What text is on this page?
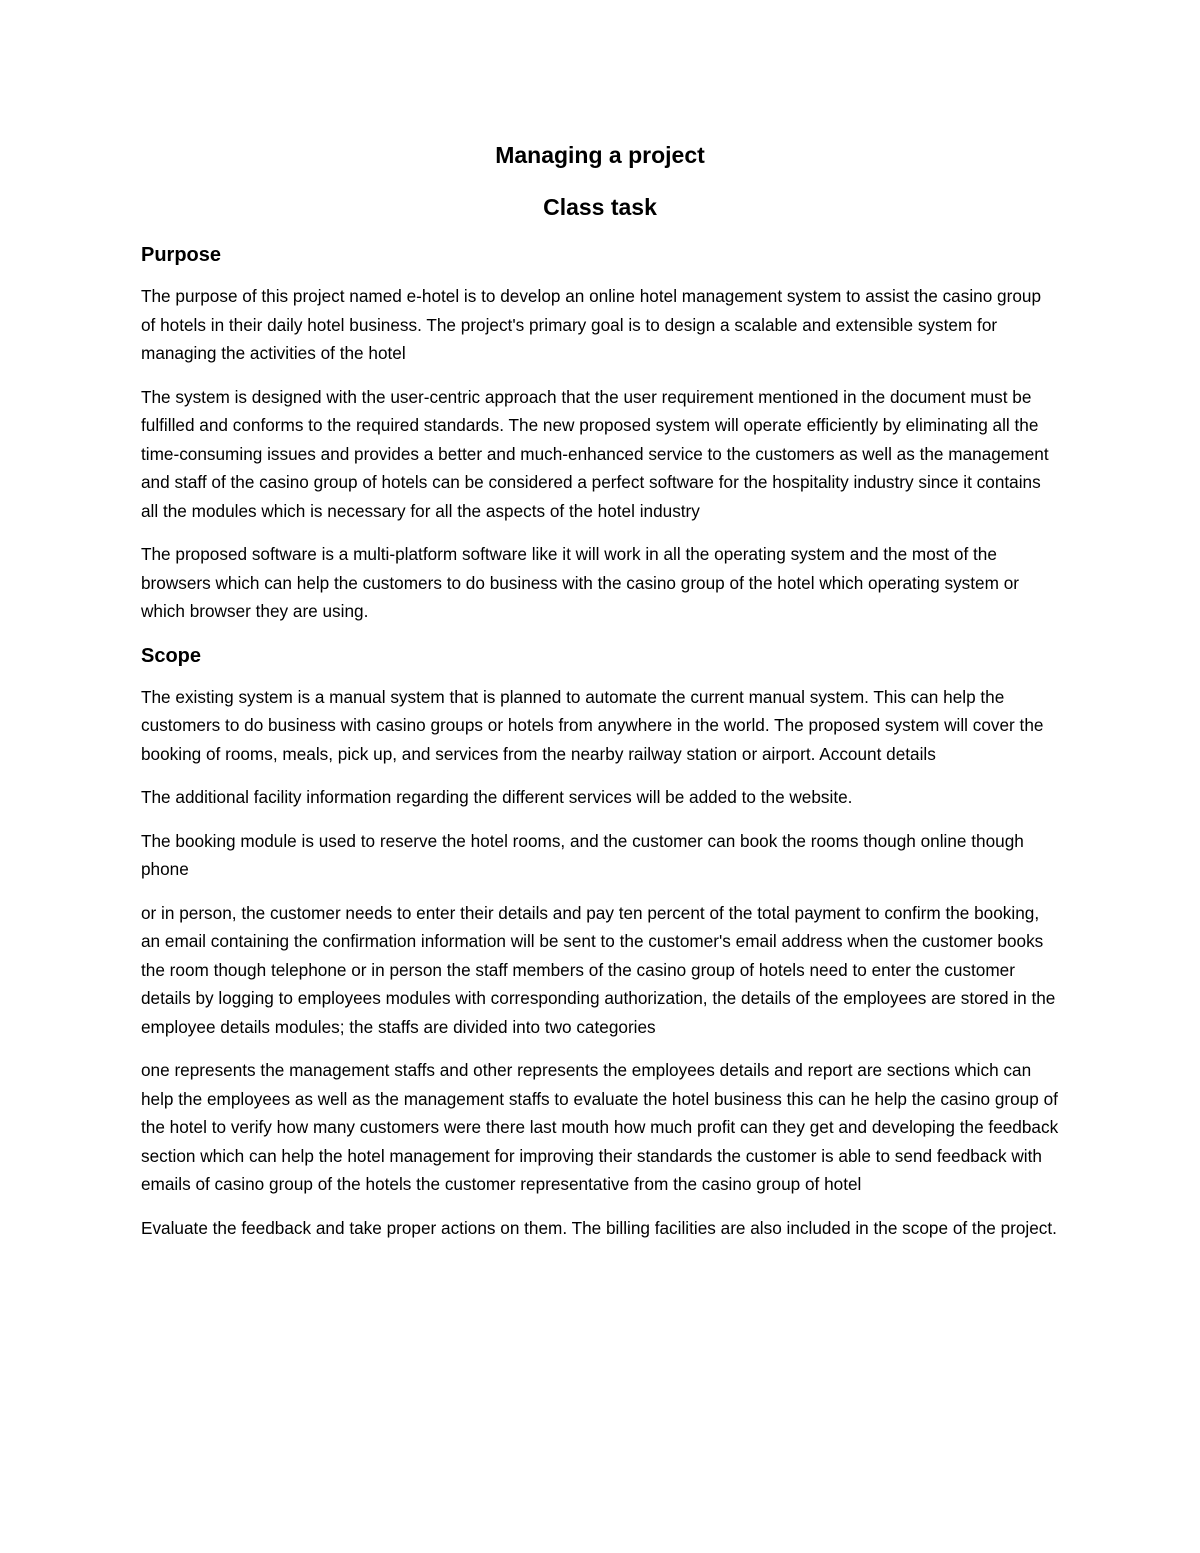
Managing a project
Class task
Purpose

The purpose of this project named e-hotel is to develop an online hotel management system to assist the casino group of hotels in their daily hotel business. The project's primary goal is to design a scalable and extensible system for managing the activities of the hotel

The system is designed with the user-centric approach that the user requirement mentioned in the document must be fulfilled and conforms to the required standards. The new proposed system will operate efficiently by eliminating all the time-consuming issues and provides a better and much-enhanced service to the customers as well as the management and staff of the casino group of hotels can be considered a perfect software for the hospitality industry since it contains all the modules which is necessary for all the aspects of the hotel industry

The proposed software is a multi-platform software like it will work in all the operating system and the most of the browsers which can help the customers to do business with the casino group of the hotel which operating system or which browser they are using.

Scope

The existing system is a manual system that is planned to automate the current manual system. This can help the customers to do business with casino groups or hotels from anywhere in the world. The proposed system will cover the booking of rooms, meals, pick up, and services from the nearby railway station or airport. Account details

The additional facility information regarding the different services will be added to the website.

The booking module is used to reserve the hotel rooms, and the customer can book the rooms though online though phone

or in person, the customer needs to enter their details and pay ten percent of the total payment to confirm the booking, an email containing the confirmation information will be sent to the customer's email address when the customer books the room though telephone or in person the staff members of the casino group of hotels need to enter the customer details by logging to employees modules with corresponding authorization, the details of the employees are stored in the employee details modules; the staffs are divided into two categories

one represents the management staffs and other represents the employees details and report are sections which can help the employees as well as the management staffs to evaluate the hotel business this can he help the casino group of the hotel to verify how many customers were there last mouth how much profit can they get and developing the feedback section which can help the hotel management for improving their standards the customer is able to send feedback with emails of casino group of the hotels the customer representative from the casino group of hotel

Evaluate the feedback and take proper actions on them. The billing facilities are also included in the scope of the project.
